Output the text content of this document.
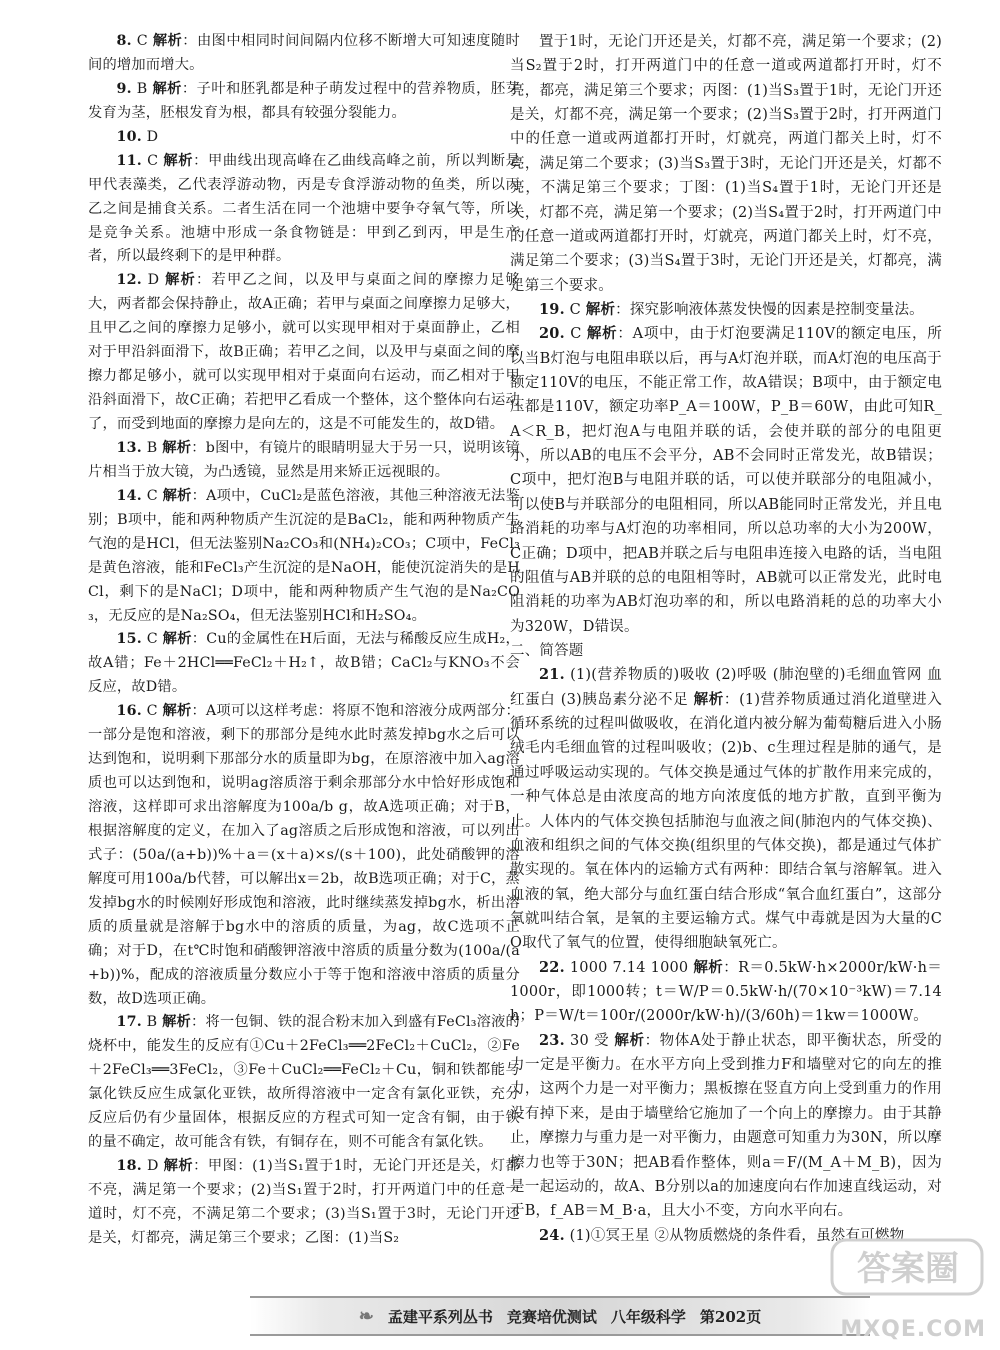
8. C 解析：由图中相同时间间隔内位移不断增大可知速度随时间的增加而增大。

9. B 解析：子叶和胚乳都是种子萌发过程中的营养物质，胚芽发育为茎，胚根发育为根，都具有较强分裂能力。

10. D

11. C 解析：甲曲线出现高峰在乙曲线高峰之前，所以判断是甲代表藻类，乙代表浮游动物，丙是专食浮游动物的鱼类，所以丙乙之间是捕食关系。二者生活在同一个池塘中要争夺氧气等，所以是竞争关系。池塘中形成一条食物链是：甲到乙到丙，甲是生产者，所以最终剩下的是甲种群。

12. D 解析：若甲乙之间，以及甲与桌面之间的摩擦力足够大，两者都会保持静止，故A正确；若甲与桌面之间摩擦力足够大，且甲乙之间的摩擦力足够小，就可以实现甲相对于桌面静止，乙相对于甲沿斜面滑下，故B正确；若甲乙之间，以及甲与桌面之间的摩擦力都足够小，就可以实现甲相对于桌面向右运动，而乙相对于甲沿斜面滑下，故C正确；若把甲乙看成一个整体，这个整体向右运动了，而受到地面的摩擦力是向左的，这是不可能发生的，故D错。

13. B 解析：b图中，有镜片的眼睛明显大于另一只，说明该镜片相当于放大镜，为凸透镜，显然是用来矫正远视眼的。

14. C 解析：A项中，CuCl₂是蓝色溶液，其他三种溶液无法鉴别；B项中，能和两种物质产生沉淀的是BaCl₂，能和两种物质产生气泡的是HCl，但无法鉴别Na₂CO₃和(NH₄)₂CO₃；C项中，FeCl₃是黄色溶液，能和FeCl₃产生沉淀的是NaOH，能使沉淀消失的是HCl，剩下的是NaCl；D项中，能和两种物质产生气泡的是Na₂CO₃，无反应的是Na₂SO₄，但无法鉴别HCl和H₂SO₄。

15. C 解析：Cu的金属性在H后面，无法与稀酸反应生成H₂，故A错；Fe＋2HCl══FeCl₂＋H₂↑，故B错；CaCl₂与KNO₃不会反应，故D错。

16. C 解析：A项可以这样考虑：将原不饱和溶液分成两部分：一部分是饱和溶液，剩下的那部分是纯水此时蒸发掉bg水之后可以达到饱和，说明剩下那部分水的质量即为bg，在原溶液中加入ag溶质也可以达到饱和，说明ag溶质溶于剩余那部分水中恰好形成饱和溶液，这样即可求出溶解度为100a/b g，故A选项正确；对于B，根据溶解度的定义，在加入了ag溶质之后形成饱和溶液，可以列出式子：(50a/(a+b))%＋a＝(x＋a)×s/(s＋100)，此处硝酸钾的溶解度可用100a/b代替，可以解出x＝2b，故B选项正确；对于C，蒸发掉bg水的时候刚好形成饱和溶液，此时继续蒸发掉bg水，析出溶质的质量就是溶解于bg水中的溶质的质量，为ag，故C选项不正确；对于D，在t℃时饱和硝酸钾溶液中溶质的质量分数为(100a/(a+b))%，配成的溶液质量分数应小于等于饱和溶液中溶质的质量分数，故D选项正确。

17. B 解析：将一包铜、铁的混合粉末加入到盛有FeCl₃溶液的烧杯中，能发生的反应有①Cu＋2FeCl₃══2FeCl₂＋CuCl₂，②Fe＋2FeCl₃══3FeCl₂，③Fe＋CuCl₂══FeCl₂＋Cu，铜和铁都能与氯化铁反应生成氯化亚铁，故所得溶液中一定含有氯化亚铁，充分反应后仍有少量固体，根据反应的方程式可知一定含有铜，由于铁的量不确定，故可能含有铁，有铜存在，则不可能含有氯化铁。

18. D 解析：甲图：(1)当S₁置于1时，无论门开还是关，灯都不亮，满足第一个要求；(2)当S₁置于2时，打开两道门中的任意一道时，灯不亮，不满足第二个要求；(3)当S₁置于3时，无论门开还是关，灯都亮，满足第三个要求；乙图：(1)当S₂

置于1时，无论门开还是关，灯都不亮，满足第一个要求；(2)当S₂置于2时，打开两道门中的任意一道或两道都打开时，灯不亮，都亮，满足第三个要求；丙图：(1)当S₃置于1时，无论门开还是关，灯都不亮，满足第一个要求；(2)当S₃置于2时，打开两道门中的任意一道或两道都打开时，灯就亮，两道门都关上时，灯不亮，满足第二个要求；(3)当S₃置于3时，无论门开还是关，灯都不亮，不满足第三个要求；丁图：(1)当S₄置于1时，无论门开还是关，灯都不亮，满足第一个要求；(2)当S₄置于2时，打开两道门中的任意一道或两道都打开时，灯就亮，两道门都关上时，灯不亮，满足第二个要求；(3)当S₄置于3时，无论门开还是关，灯都亮，满足第三个要求。

19. C 解析：探究影响液体蒸发快慢的因素是控制变量法。

20. C 解析：A项中，由于灯泡要满足110V的额定电压，所以当B灯泡与电阻串联以后，再与A灯泡并联，而A灯泡的电压高于额定110V的电压，不能正常工作，故A错误；B项中，由于额定电压都是110V，额定功率P_A＝100W，P_B＝60W，由此可知R_A＜R_B，把灯泡A与电阻并联的话，会使并联的部分的电阻更小，所以AB的电压不会平分，AB不会同时正常发光，故B错误；C项中，把灯泡B与电阻并联的话，可以使并联部分的电阻减小，可以使B与并联部分的电阻相同，所以AB能同时正常发光，并且电路消耗的功率与A灯泡的功率相同，所以总功率的大小为200W，C正确；D项中，把AB并联之后与电阻串连接入电路的话，当电阻的阻值与AB并联的总的电阻相等时，AB就可以正常发光，此时电阻消耗的功率为AB灯泡功率的和，所以电路消耗的总的功率大小为320W，D错误。

二、简答题

21. (1)(营养物质的)吸收 (2)呼吸 (肺泡壁的)毛细血管网 血红蛋白 (3)胰岛素分泌不足 解析：(1)营养物质通过消化道壁进入循环系统的过程叫做吸收，在消化道内被分解为葡萄糖后进入小肠绒毛内毛细血管的过程叫吸收；(2)b、c生理过程是肺的通气，是通过呼吸运动实现的。气体交换是通过气体的扩散作用来完成的，一种气体总是由浓度高的地方向浓度低的地方扩散，直到平衡为止。人体内的气体交换包括肺泡与血液之间(肺泡内的气体交换)、血液和组织之间的气体交换(组织里的气体交换)，都是通过气体扩散实现的。氧在体内的运输方式有两种：即结合氧与溶解氧。进入血液的氧，绝大部分与血红蛋白结合形成“氧合血红蛋白”，这部分氧就叫结合氧，是氧的主要运输方式。煤气中毒就是因为大量的CO取代了氧气的位置，使得细胞缺氧死亡。

22. 1000 7.14 1000 解析：R＝0.5kW·h×2000r/kW·h＝1000r，即1000转；t＝W/P＝0.5kW·h/(70×10⁻³kW)＝7.14h；P＝W/t＝100r/(2000r/kW·h)/(3/60h)＝1kw＝1000W。

23. 30 受 解析：物体A处于静止状态，即平衡状态，所受的力一定是平衡力。在水平方向上受到推力F和墙壁对它的向左的推力，这两个力是一对平衡力；黑板擦在竖直方向上受到重力的作用没有掉下来，是由于墙壁给它施加了一个向上的摩擦力。由于其静止，摩擦力与重力是一对平衡力，由题意可知重力为30N，所以摩擦力也等于30N；把AB看作整体，则a＝F/(M_A＋M_B)，因为是一起运动的，故A、B分别以a的加速度向右作加速直线运动，对于B，f_AB＝M_B·a，且大小不变，方向水平向右。

24. (1)①冥王星 ②从物质燃烧的条件看，虽然有可燃物

❧ 孟建平系列丛书 竞赛培优测试 八年级科学 第202页
答案圈
MXQE.COM
